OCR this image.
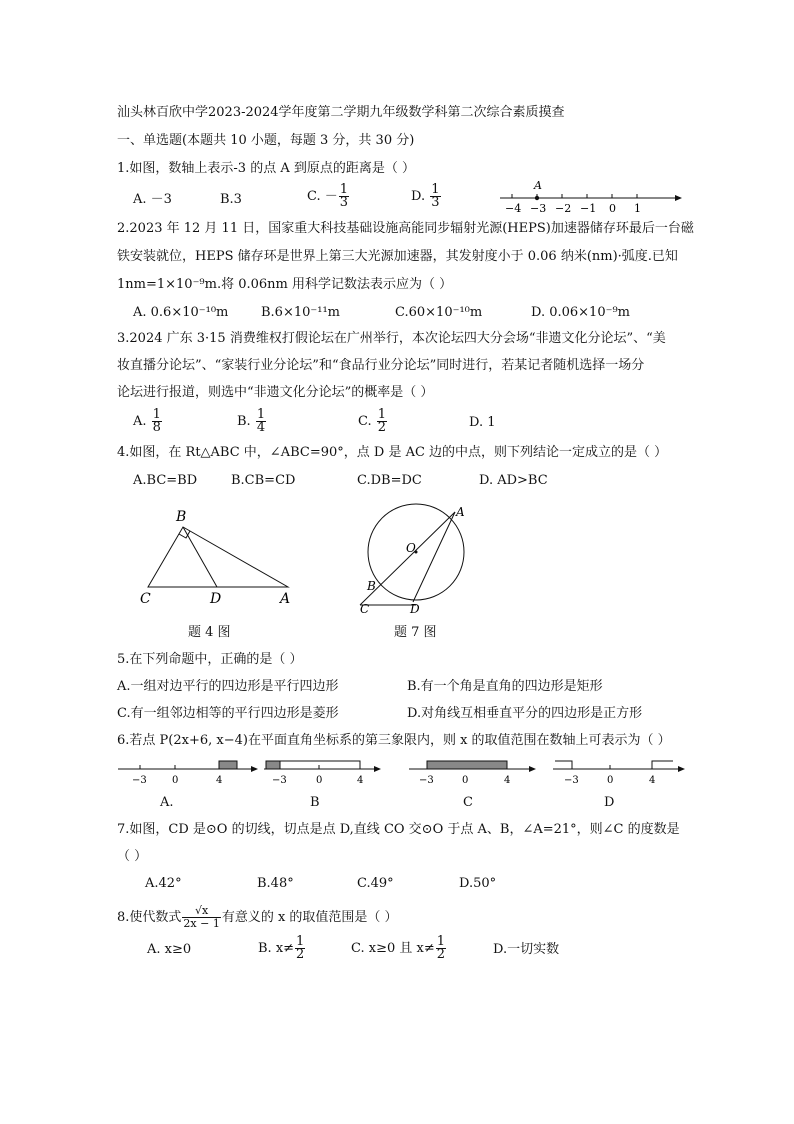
汕头林百欣中学2023-2024学年度第二学期九年级数学科第二次综合素质摸查
一、单选题(本题共 10 小题，每题 3 分，共 30 分)
1.如图，数轴上表示-3 的点 A 到原点的距离是（ ）
A. －3	B.3	C. － $\frac{1}{3}$	D. $\frac{1}{3}$	A
−4 −3 −2 −1 0 1
2.2023 年 12 月 11 日，国家重大科技基础设施高能同步辐射光源(HEPS)加速器储存环最后一台磁
铁安装就位，HEPS 储存环是世界上第三大光源加速器，其发射度小于 0.06 纳米(nm)·弧度.已知
1nm=1×10⁻⁹m.将 0.06nm 用科学记数法表示应为（ ）
A. 0.6×10⁻¹⁰m	B.6×10⁻¹¹m	C.60×10⁻¹⁰m	D. 0.06×10⁻⁹m
3.2024 广东 3·15 消费维权打假论坛在广州举行，本次论坛四大分会场“非遗文化分论坛”、“美
妆直播分论坛”、“家装行业分论坛”和“食品行业分论坛”同时进行，若某记者随机选择一场分
论坛进行报道，则选中“非遗文化分论坛”的概率是（ ）
A. $\frac{1}{8}$	B. $\frac{1}{4}$	C. $\frac{1}{2}$	D. 1
4.如图，在 Rt△ABC 中，∠ABC=90°，点 D 是 AC 边的中点，则下列结论一定成立的是（ ）
A.BC=BD	B.CB=CD	C.DB=DC	D. AD>BC
B
C	D	A
题 4 图
A
O
B
C	D
题 7 图
5.在下列命题中，正确的是（ ）
A.一组对边平行的四边形是平行四边形	B.有一个角是直角的四边形是矩形
C.有一组邻边相等的平行四边形是菱形	D.对角线互相垂直平分的四边形是正方形
6.若点 P(2x+6, x−4)在平面直角坐标系的第三象限内，则 x 的取值范围在数轴上可表示为（ ）
−3	0	4
A.
−3	0	4
B
−3	0	4
C
−3	0	4
D
7.如图，CD 是⊙O 的切线，切点是点 D,直线 CO 交⊙O 于点 A、B，∠A=21°，则∠C 的度数是
（ ）
A.42°	B.48°	C.49°	D.50°
8.使代数式 $\frac{√x}{2x - 1}$ 有意义的 x 的取值范围是（ ）
A. x≥0	B. $x\ne \frac{1}{2}$	C. x≥0 且 $x\ne \frac{1}{2}$	D.一切实数
